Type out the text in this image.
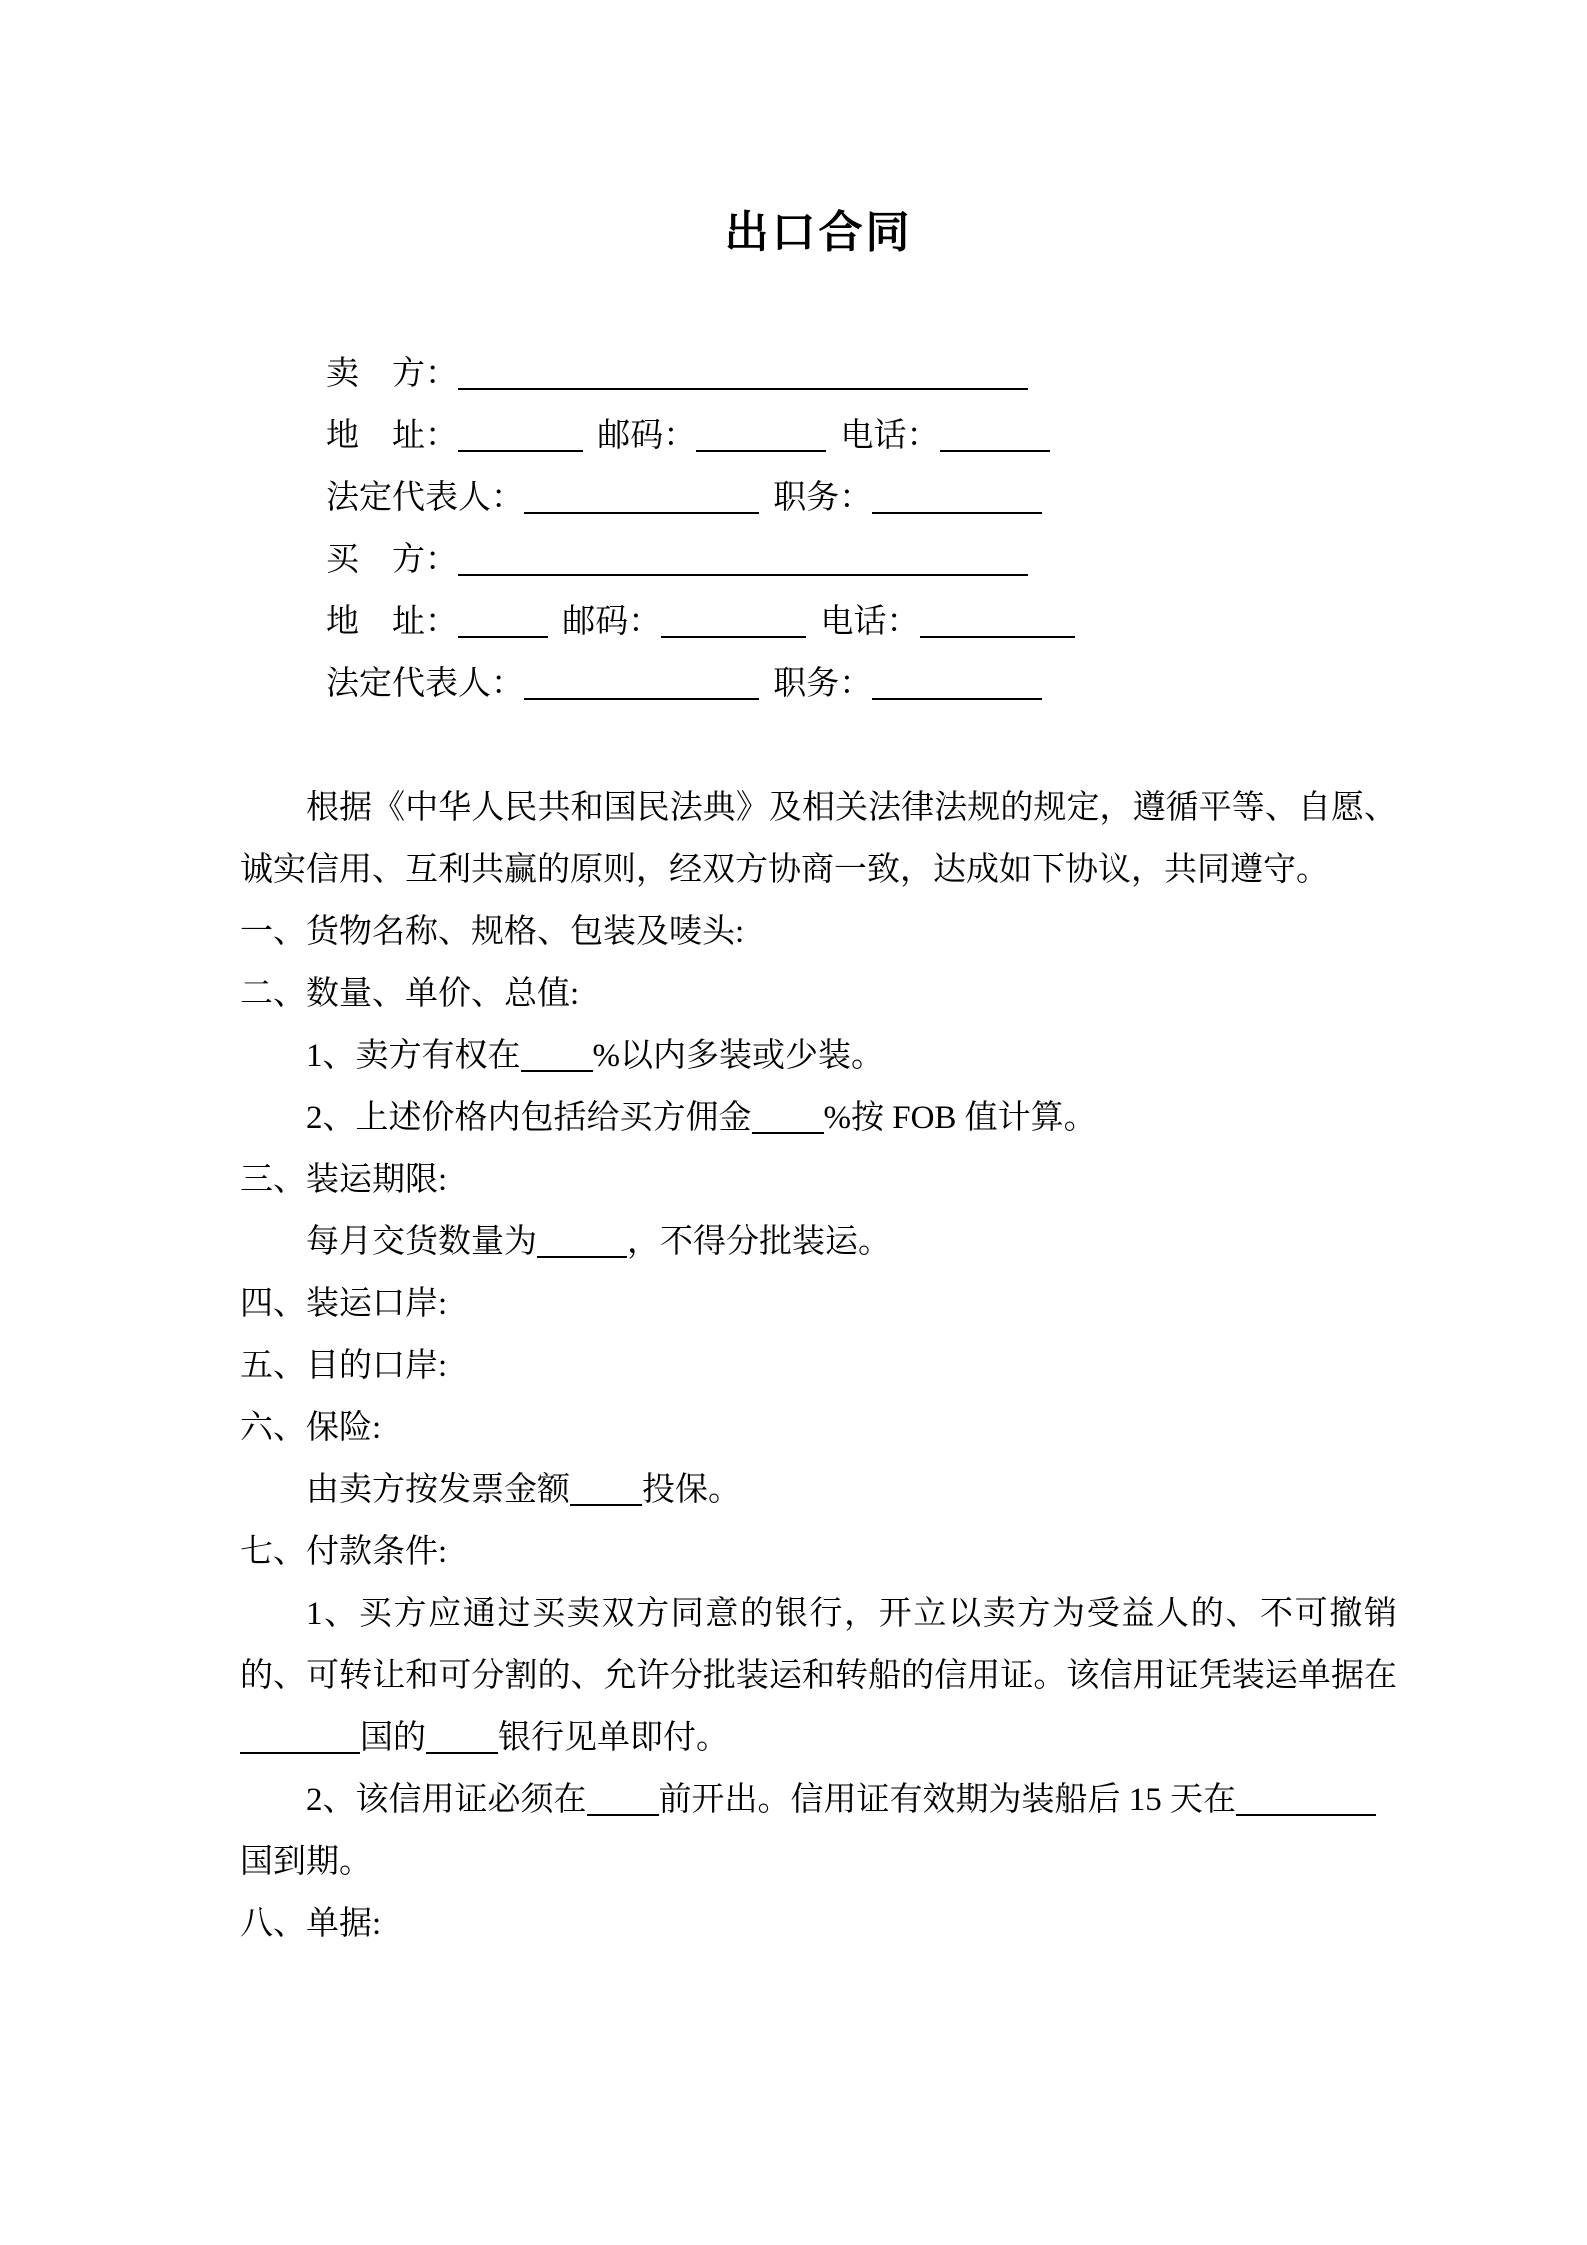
出口合同
卖　方：
地　址：	邮码：	电话：
法定代表人：	职务：
买　方：
地　址：	邮码：	电话：
法定代表人：	职务：
根据《中华人民共和国民法典》及相关法律法规的规定，遵循平等、自愿、
诚实信用、互利共赢的原则，经双方协商一致，达成如下协议，共同遵守。
一、货物名称、规格、包装及唛头:
二、数量、单价、总值:
1、卖方有权在 %以内多装或少装。
2、上述价格内包括给买方佣金 %按 FOB 值计算。
三、装运期限:
每月交货数量为	，不得分批装运。
四、装运口岸:
五、目的口岸:
六、保险:
由卖方按发票金额 投保。
七、付款条件:
1、买方应通过买卖双方同意的银行，开立以卖方为受益人的、不可撤销
的、可转让和可分割的、允许分批装运和转船的信用证。该信用证凭装运单据在
国的 银行见单即付。
2、该信用证必须在 前开出。信用证有效期为装船后 15 天在
国到期。
八、单据:
